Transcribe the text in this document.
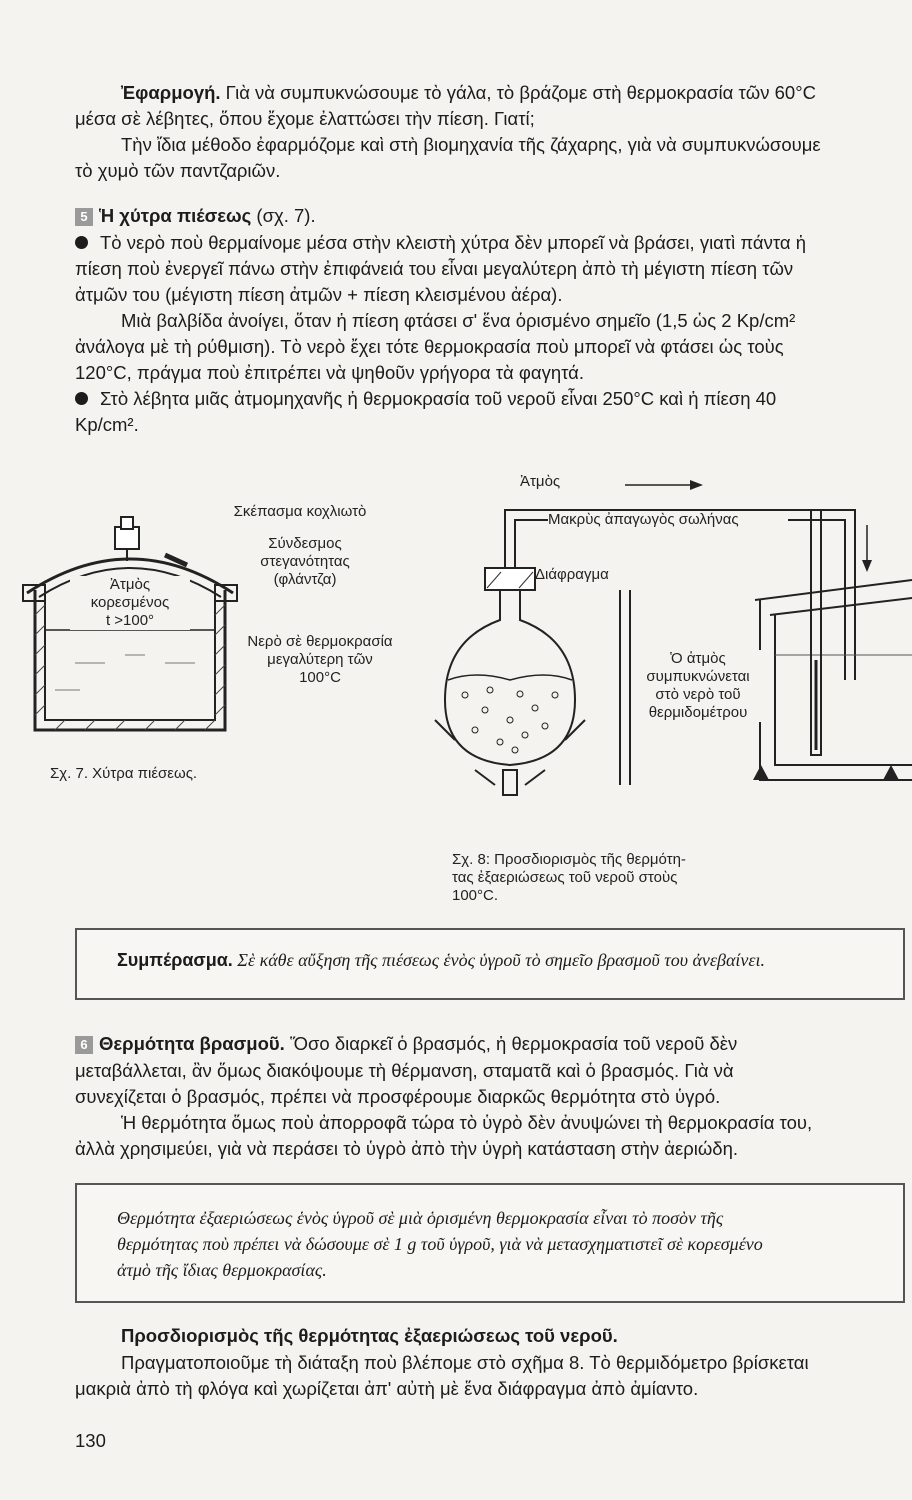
Ἐφαρμογή. Γιὰ νὰ συμπυκνώσουμε τὸ γάλα, τὸ βράζομε στὴ θερμοκρασία τῶν 60°C

μέσα σὲ λέβητες, ὅπου ἔχομε ἐλαττώσει τὴν πίεση. Γιατί;

Τὴν ἴδια μέθοδο ἐφαρμόζομε καὶ στὴ βιομηχανία τῆς ζάχαρης, γιὰ νὰ συμπυκνώσουμε

τὸ χυμὸ τῶν παντζαριῶν.

5 Ἡ χύτρα πιέσεως (σχ. 7).

Τὸ νερὸ ποὺ θερμαίνομε μέσα στὴν κλειστὴ χύτρα δὲν μπορεῖ νὰ βράσει, γιατὶ πάντα ἡ

πίεση ποὺ ἐνεργεῖ πάνω στὴν ἐπιφάνειά του εἶναι μεγαλύτερη ἀπὸ τὴ μέγιστη πίεση τῶν

ἀτμῶν του (μέγιστη πίεση ἀτμῶν + πίεση κλεισμένου ἀέρα).

Μιὰ βαλβίδα ἀνοίγει, ὅταν ἡ πίεση φτάσει σ' ἕνα ὁρισμένο σημεῖο (1,5 ὡς 2 Kp/cm²

ἀνάλογα μὲ τὴ ρύθμιση). Τὸ νερὸ ἔχει τότε θερμοκρασία ποὺ μπορεῖ νὰ φτάσει ὡς τοὺς

120°C, πράγμα ποὺ ἐπιτρέπει νὰ ψηθοῦν γρήγορα τὰ φαγητά.

Στὸ λέβητα μιᾶς ἀτμομηχανῆς ἡ θερμοκρασία τοῦ νεροῦ εἶναι 250°C καὶ ἡ πίεση 40

Kp/cm².

Ἀτμὸς
κορεσμένος
t >100°
Σκέπασμα κοχλιωτὸ
Σύνδεσμος στεγανότητας (φλάντζα)
Νερὸ σὲ θερμοκρασία
μεγαλύτερη τῶν
100°C
Σχ. 7. Χύτρα πιέσεως.
Ἀτμὸς
Μακρὺς ἀπαγωγὸς σωλήνας
Διάφραγμα
Ὁ ἀτμὸς
συμπυκνώνεται
στὸ νερὸ τοῦ
θερμιδομέτρου
Σχ. 8: Προσδιορισμὸς τῆς θερμότη-
τας ἐξαεριώσεως τοῦ νεροῦ στοὺς
100°C.
Συμπέρασμα. Σὲ κάθε αὔξηση τῆς πιέσεως ἑνὸς ὑγροῦ τὸ σημεῖο βρασμοῦ του ἀνεβαίνει.

6 Θερμότητα βρασμοῦ. Ὅσο διαρκεῖ ὁ βρασμός, ἡ θερμοκρασία τοῦ νεροῦ δὲν

μεταβάλλεται, ἂν ὅμως διακόψουμε τὴ θέρμανση, σταματᾶ καὶ ὁ βρασμός. Γιὰ νὰ

συνεχίζεται ὁ βρασμός, πρέπει νὰ προσφέρουμε διαρκῶς θερμότητα στὸ ὑγρό.

Ἡ θερμότητα ὅμως ποὺ ἀπορροφᾶ τώρα τὸ ὑγρὸ δὲν ἀνυψώνει τὴ θερμοκρασία του,

ἀλλὰ χρησιμεύει, γιὰ νὰ περάσει τὸ ὑγρὸ ἀπὸ τὴν ὑγρὴ κατάσταση στὴν ἀεριώδη.

Θερμότητα ἐξαεριώσεως ἑνὸς ὑγροῦ σὲ μιὰ ὁρισμένη θερμοκρασία εἶναι τὸ ποσὸν τῆς
θερμότητας ποὺ πρέπει νὰ δώσουμε σὲ 1 g τοῦ ὑγροῦ, γιὰ νὰ μετασχηματιστεῖ σὲ κορεσμένο
ἀτμὸ τῆς ἴδιας θερμοκρασίας.

Προσδιορισμὸς τῆς θερμότητας ἐξαεριώσεως τοῦ νεροῦ.

Πραγματοποιοῦμε τὴ διάταξη ποὺ βλέπομε στὸ σχῆμα 8. Τὸ θερμιδόμετρο βρίσκεται

μακριὰ ἀπὸ τὴ φλόγα καὶ χωρίζεται ἀπ' αὐτὴ μὲ ἕνα διάφραγμα ἀπὸ ἀμίαντο.

130
